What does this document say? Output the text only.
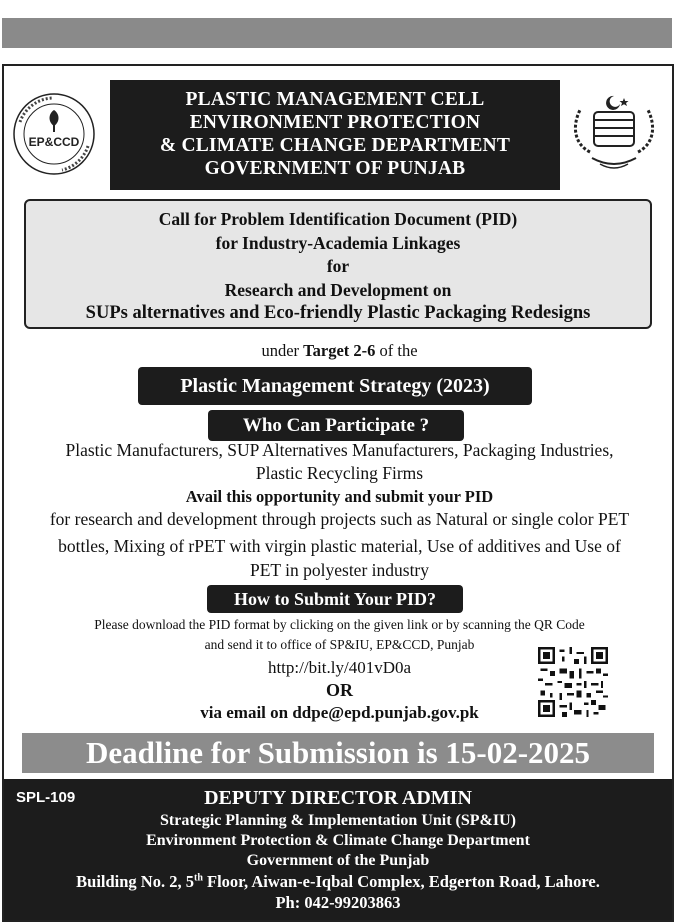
EP&CCD
PLASTIC MANAGEMENT CELL
ENVIRONMENT PROTECTION
& CLIMATE CHANGE DEPARTMENT
GOVERNMENT OF PUNJAB
Call for Problem Identification Document (PID)
for Industry-Academia Linkages
for
Research and Development on
SUPs alternatives and Eco-friendly Plastic Packaging Redesigns
under Target 2-6 of the
Plastic Management Strategy (2023)
Who Can Participate ?
Plastic Manufacturers, SUP Alternatives Manufacturers, Packaging Industries,
Plastic Recycling Firms
Avail this opportunity and submit your PID
for research and development through projects such as Natural or single color PET
bottles, Mixing of rPET with virgin plastic material, Use of additives and Use of
PET in polyester industry
How to Submit Your PID?
Please download the PID format by clicking on the given link or by scanning the QR Code
and send it to office of SP&IU, EP&CCD, Punjab
http://bit.ly/401vD0a
OR
via email on ddpe@epd.punjab.gov.pk
Deadline for Submission is 15-02-2025
SPL-109	DEPUTY DIRECTOR ADMIN
Strategic Planning & Implementation Unit (SP&IU)
Environment Protection & Climate Change Department
Government of the Punjab
Building No. 2, 5th Floor, Aiwan-e-Iqbal Complex, Edgerton Road, Lahore.
Ph: 042-99203863
